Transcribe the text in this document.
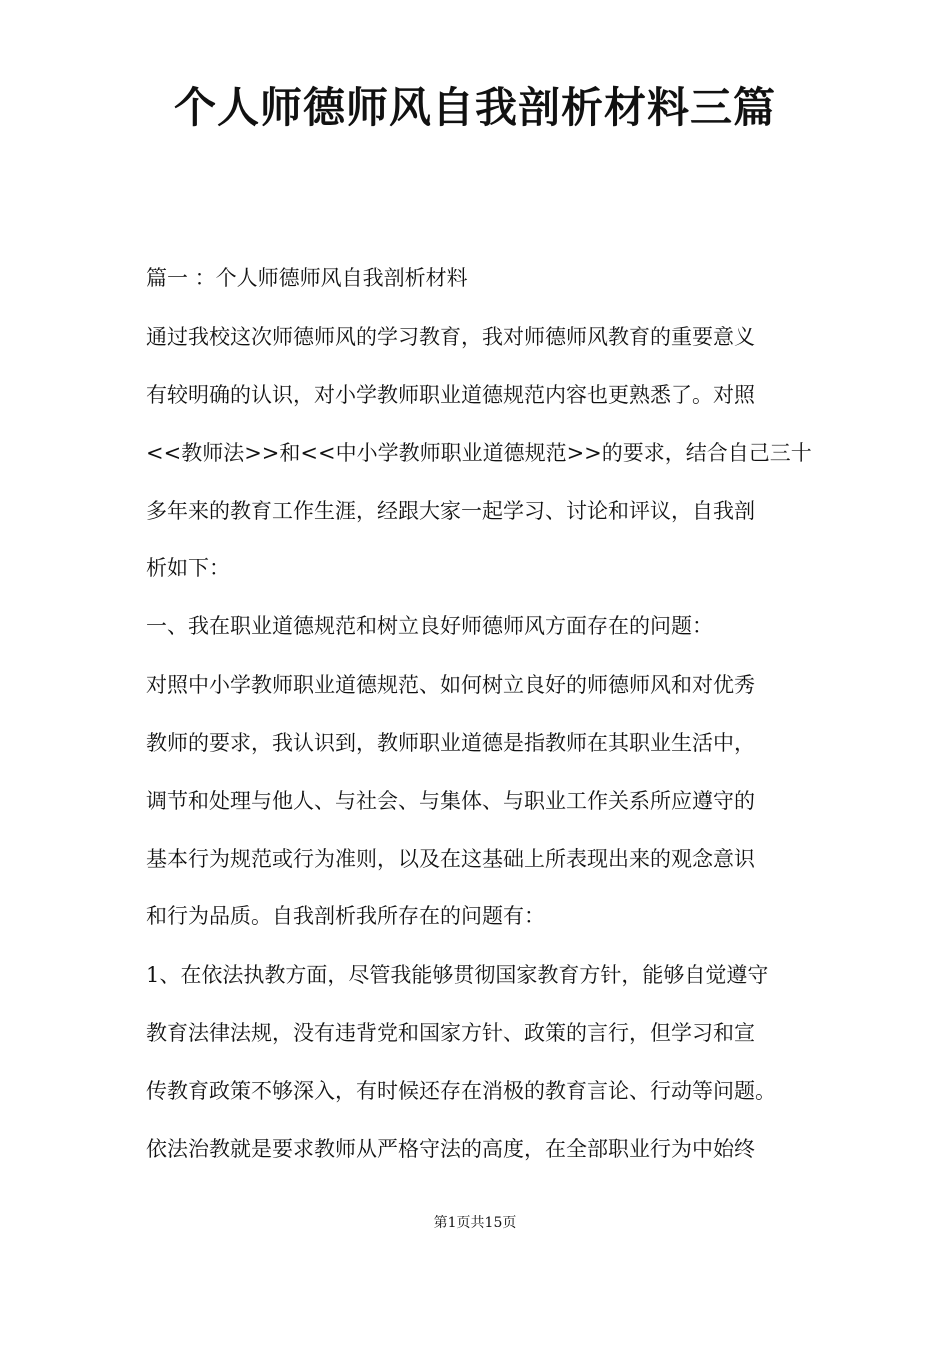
个人师德师风自我剖析材料三篇

篇一 ：个人师德师风自我剖析材料

通过我校这次师德师风的学习教育，我对师德师风教育的重要意义

有较明确的认识，对小学教师职业道德规范内容也更熟悉了。对照

<<教师法>>和<<中小学教师职业道德规范>>的要求，结合自己三十

多年来的教育工作生涯，经跟大家一起学习、讨论和评议，自我剖

析如下：

一、我在职业道德规范和树立良好师德师风方面存在的问题：

对照中小学教师职业道德规范、如何树立良好的师德师风和对优秀

教师的要求，我认识到，教师职业道德是指教师在其职业生活中，

调节和处理与他人、与社会、与集体、与职业工作关系所应遵守的

基本行为规范或行为准则，以及在这基础上所表现出来的观念意识

和行为品质。自我剖析我所存在的问题有：

1、在依法执教方面，尽管我能够贯彻国家教育方针，能够自觉遵守

教育法律法规，没有违背党和国家方针、政策的言行，但学习和宣

传教育政策不够深入，有时候还存在消极的教育言论、行动等问题。

依法治教就是要求教师从严格守法的高度，在全部职业行为中始终

第1页共15页
